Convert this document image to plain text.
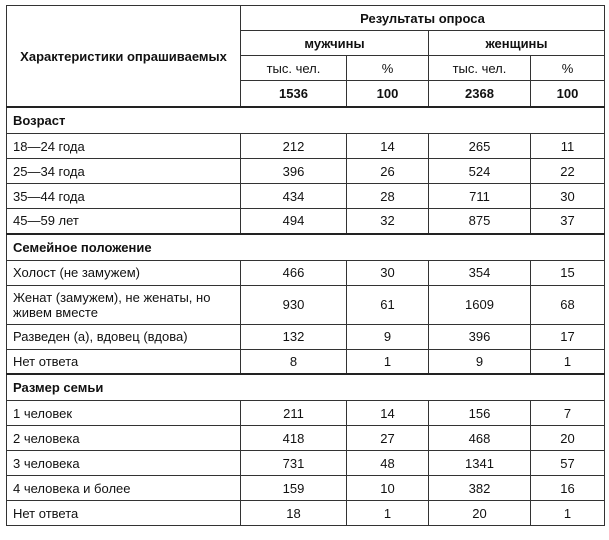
Характеристики опрашиваемых	Результаты опроса			
	мужчины		женщины	
	тыс. чел.	%	тыс. чел.	%
	1536	100	2368	100
Возраст				
18—24 года	212	14	265	11
25—34 года	396	26	524	22
35—44 года	434	28	711	30
45—59 лет	494	32	875	37
Семейное положение				
Холост (не замужем)	466	30	354	15
Женат (замужем), не женаты, но живем вместе	930	61	1609	68
Разведен (а), вдовец (вдова)	132	9	396	17
Нет ответа	8	1	9	1
Размер семьи				
1 человек	211	14	156	7
2 человека	418	27	468	20
3 человека	731	48	1341	57
4 человека и более	159	10	382	16
Нет ответа	18	1	20	1
